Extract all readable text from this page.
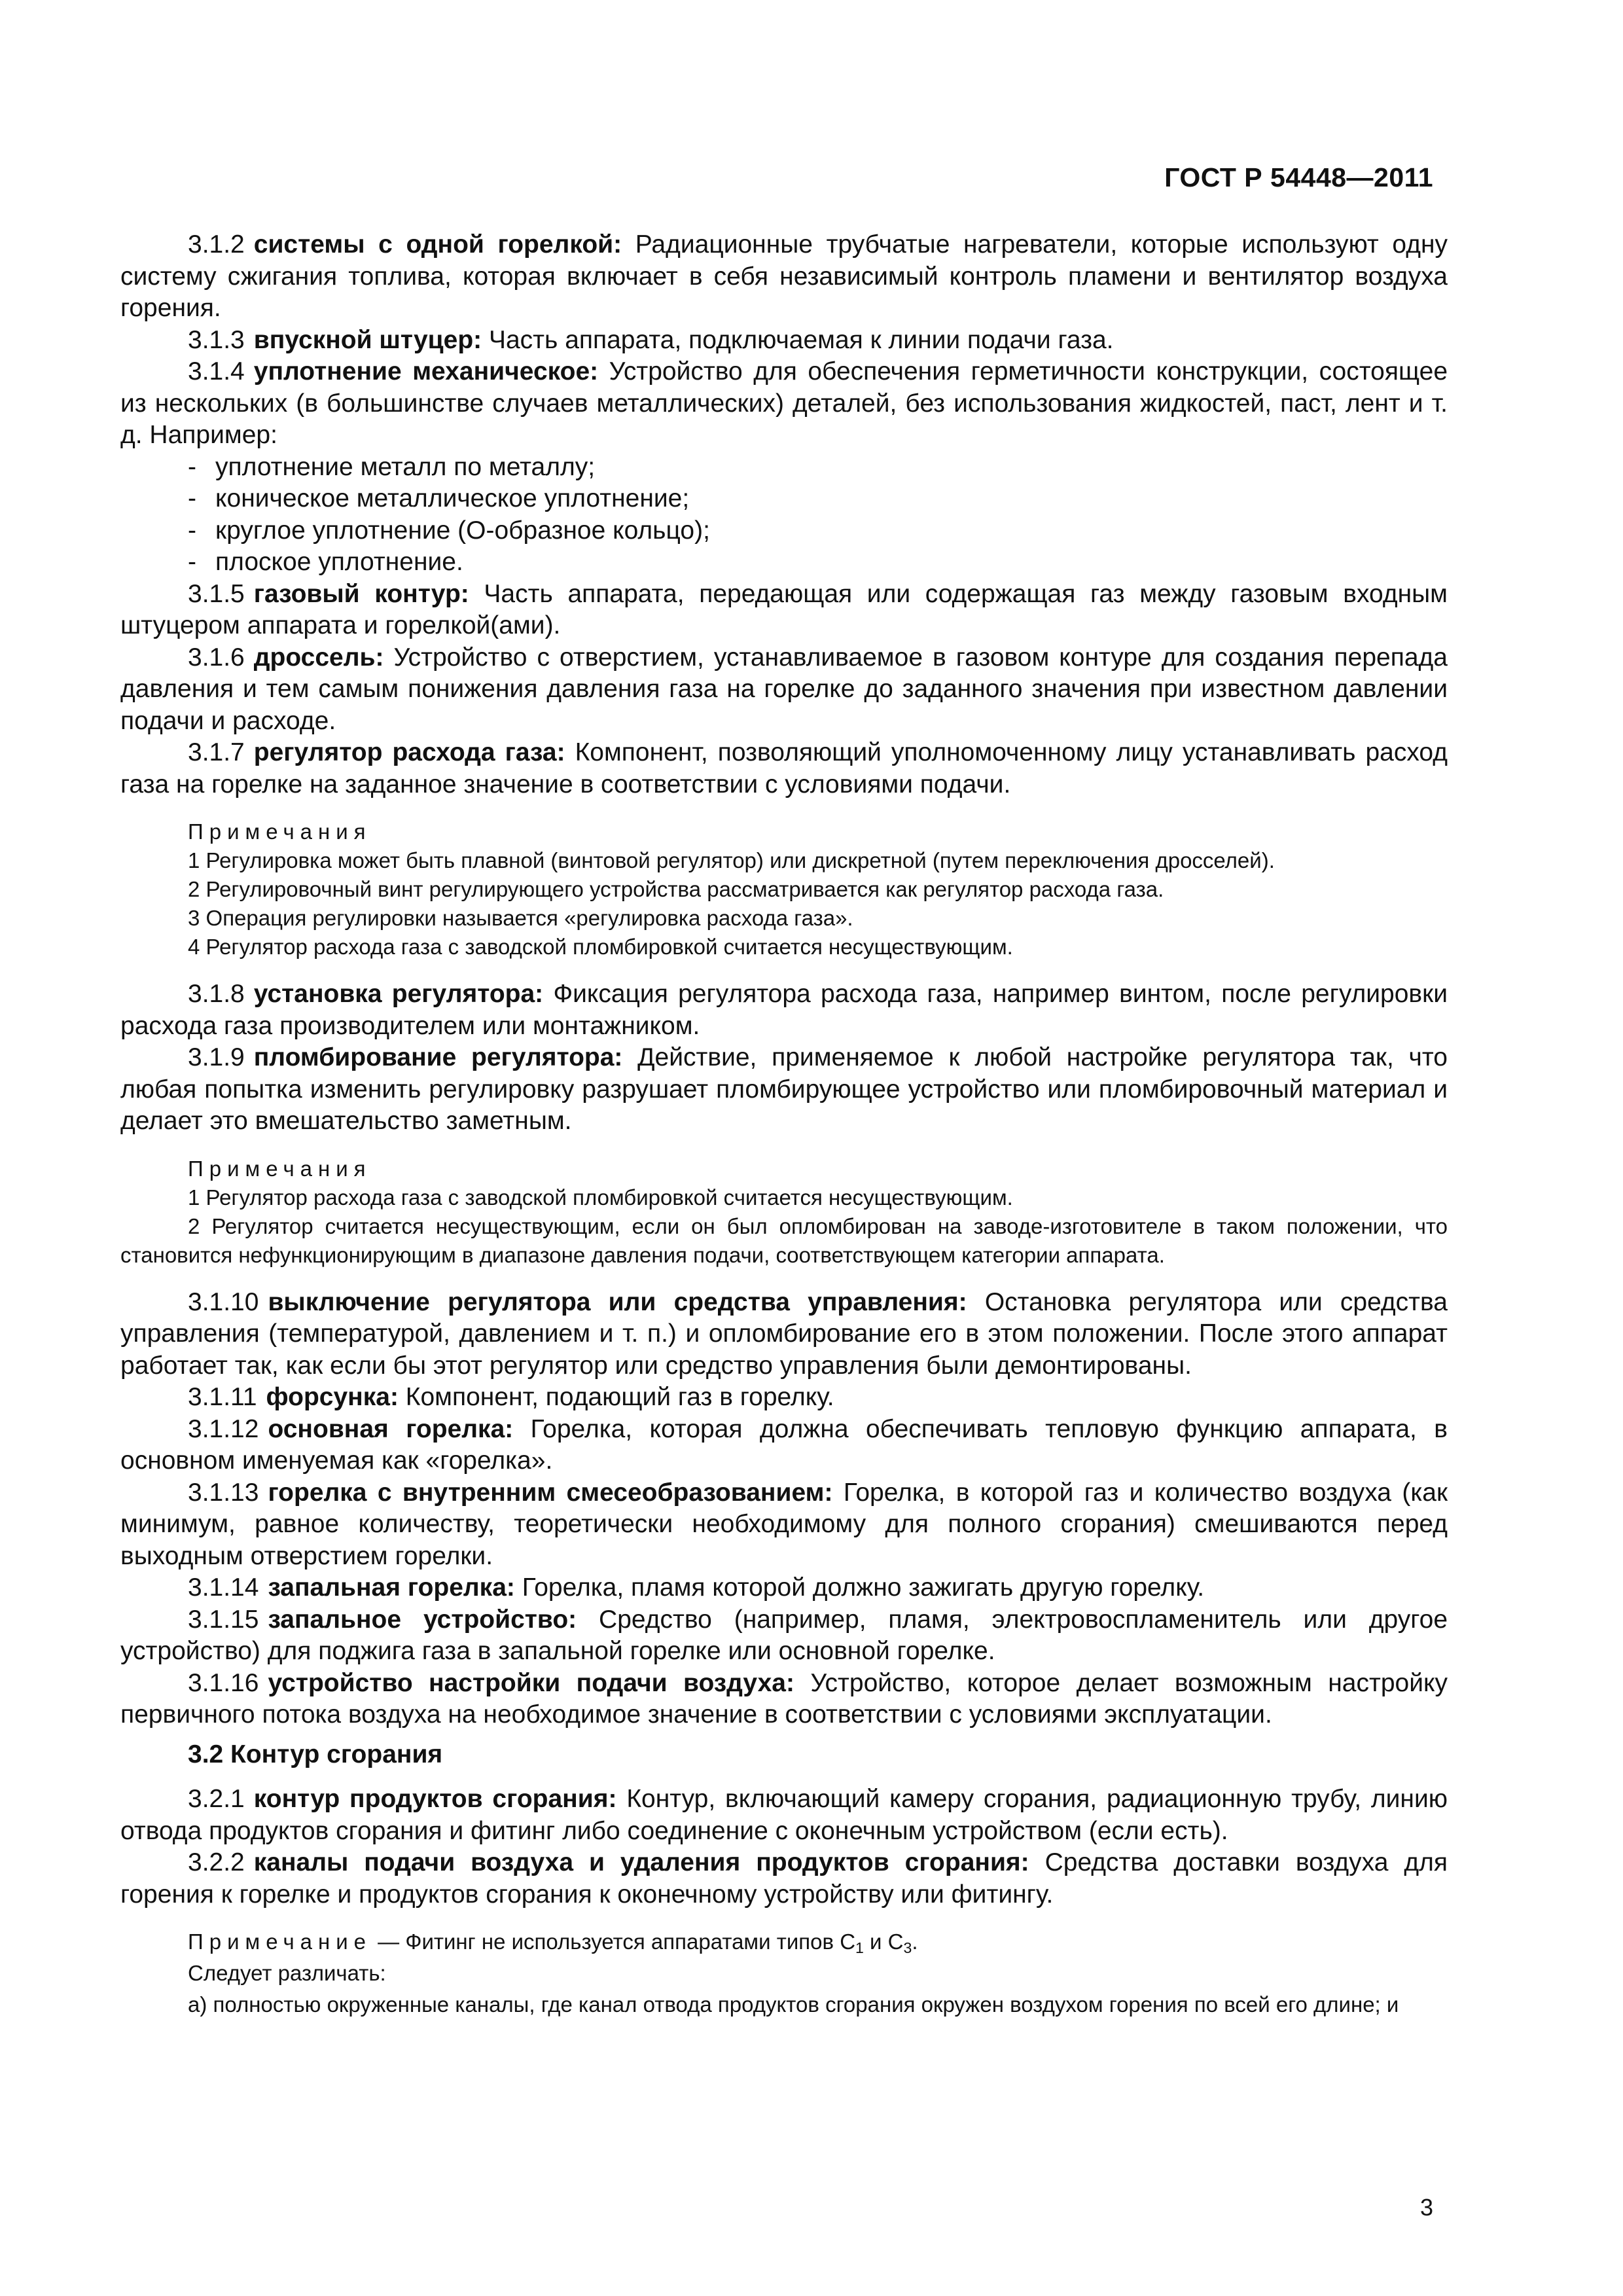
ГОСТ Р 54448—2011

3.1.2 системы с одной горелкой: Радиационные трубчатые нагреватели, которые используют одну систему сжигания топлива, которая включает в себя независимый контроль пламени и вентилятор воздуха горения.

3.1.3 впускной штуцер: Часть аппарата, подключаемая к линии подачи газа.

3.1.4 уплотнение механическое: Устройство для обеспечения герметичности конструкции, состоящее из нескольких (в большинстве случаев металлических) деталей, без использования жидкостей, паст, лент и т. д. Например:

- уплотнение металл по металлу;
- коническое металлическое уплотнение;
- круглое уплотнение (О-образное кольцо);
- плоское уплотнение.

3.1.5 газовый контур: Часть аппарата, передающая или содержащая газ между газовым входным штуцером аппарата и горелкой(ами).

3.1.6 дроссель: Устройство с отверстием, устанавливаемое в газовом контуре для создания перепада давления и тем самым понижения давления газа на горелке до заданного значения при известном давлении подачи и расходе.

3.1.7 регулятор расхода газа: Компонент, позволяющий уполномоченному лицу устанавливать расход газа на горелке на заданное значение в соответствии с условиями подачи.

Примечания

1 Регулировка может быть плавной (винтовой регулятор) или дискретной (путем переключения дросселей).

2 Регулировочный винт регулирующего устройства рассматривается как регулятор расхода газа.

3 Операция регулировки называется «регулировка расхода газа».

4 Регулятор расхода газа с заводской пломбировкой считается несуществующим.

3.1.8 установка регулятора: Фиксация регулятора расхода газа, например винтом, после регулировки расхода газа производителем или монтажником.

3.1.9 пломбирование регулятора: Действие, применяемое к любой настройке регулятора так, что любая попытка изменить регулировку разрушает пломбирующее устройство или пломбировочный материал и делает это вмешательство заметным.

Примечания

1 Регулятор расхода газа с заводской пломбировкой считается несуществующим.

2 Регулятор считается несуществующим, если он был опломбирован на заводе-изготовителе в таком положении, что становится нефункционирующим в диапазоне давления подачи, соответствующем категории аппарата.

3.1.10 выключение регулятора или средства управления: Остановка регулятора или средства управления (температурой, давлением и т. п.) и опломбирование его в этом положении. После этого аппарат работает так, как если бы этот регулятор или средство управления были демонтированы.

3.1.11 форсунка: Компонент, подающий газ в горелку.

3.1.12 основная горелка: Горелка, которая должна обеспечивать тепловую функцию аппарата, в основном именуемая как «горелка».

3.1.13 горелка с внутренним смесеобразованием: Горелка, в которой газ и количество воздуха (как минимум, равное количеству, теоретически необходимому для полного сгорания) смешиваются перед выходным отверстием горелки.

3.1.14 запальная горелка: Горелка, пламя которой должно зажигать другую горелку.

3.1.15 запальное устройство: Средство (например, пламя, электровоспламенитель или другое устройство) для поджига газа в запальной горелке или основной горелке.

3.1.16 устройство настройки подачи воздуха: Устройство, которое делает возможным настройку первичного потока воздуха на необходимое значение в соответствии с условиями эксплуатации.

3.2 Контур сгорания

3.2.1 контур продуктов сгорания: Контур, включающий камеру сгорания, радиационную трубу, линию отвода продуктов сгорания и фитинг либо соединение с оконечным устройством (если есть).

3.2.2 каналы подачи воздуха и удаления продуктов сгорания: Средства доставки воздуха для горения к горелке и продуктов сгорания к оконечному устройству или фитингу.

Примечание — Фитинг не используется аппаратами типов $С_1$ и $С_3$.

Следует различать:

а) полностью окруженные каналы, где канал отвода продуктов сгорания окружен воздухом горения по всей его длине; и

3
